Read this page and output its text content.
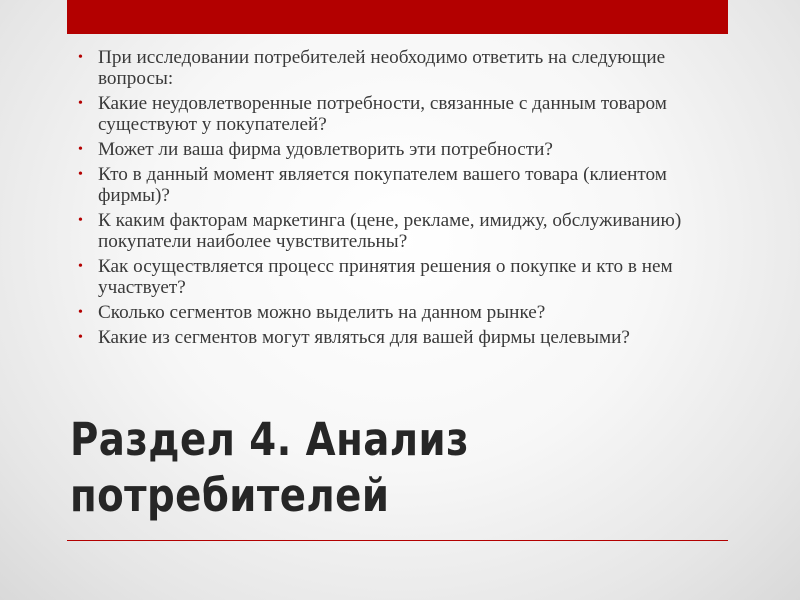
• При исследовании потребителей необходимо ответить на следующие вопросы:
• Какие неудовлетворенные потребности, связанные с данным товаром существуют у покупателей?
• Может ли ваша фирма удовлетворить эти потребности?
• Кто в данный момент является покупателем вашего товара (клиентом фирмы)?
• К каким факторам маркетинга (цене, рекламе, имиджу, обслуживанию) покупатели наиболее чувствительны?
• Как осуществляется процесс принятия решения о покупке и кто в нем участвует?
• Сколько сегментов можно выделить на данном рынке?
• Какие из сегментов могут являться для вашей фирмы целевыми?
Раздел 4. Анализ
потребителей
